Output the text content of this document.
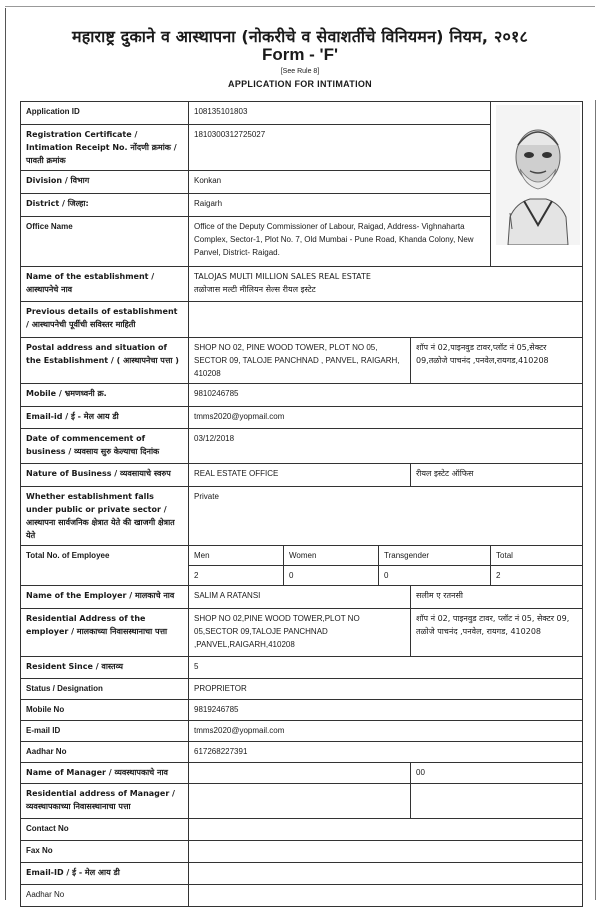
महाराष्ट्र दुकाने व आस्थापना (नोकरीचे व सेवाशर्तीचे विनियमन) नियम, २०१८
Form - 'F'
[See Rule 8]
APPLICATION FOR INTIMATION
Application ID	108135101803	

Registration Certificate / Intimation Receipt No. नोंदणी क्रमांक / पावती क्रमांक	1810300312725027				
Division / विभाग	Konkan				
District / जिल्हा:	Raigarh				
Office Name	Office of the Deputy Commissioner of Labour, Raigad, Address- Vighnaharta Complex, Sector-1, Plot No. 7, Old Mumbai - Pune Road, Khanda Colony, New Panvel, District- Raigad.				
Name of the establishment / आस्थापनेचे नाव	TALOJAS MULTI MILLION SALES REAL ESTATE
तळोजास मल्टी मीलियन सेल्स रीयल इस्टेट				

Previous details of establishment / आस्थापनेची पूर्वीची सविस्तर माहिती					
Postal address and situation of the Establishment / ( आस्थापनेचा पत्ता )	SHOP NO 02, PINE WOOD TOWER, PLOT NO 05, SECTOR 09, TALOJE PANCHNAD , PANVEL, RAIGARH, 410208			शॉप नं 02,पाइनवुड टावर,प्लॉट नं 05,सेक्टर 09,तळोजे पाचनंद ,पनवेल,रायगड,410208	
Mobile / भ्रमणध्वनी क्र.	9810246785				
Email-id / ई - मेल आय डी	tmms2020@yopmail.com				
Date of commencement of business / व्यवसाय सुरु केल्याचा दिनांक	03/12/2018				
Nature of Business / व्यवसायाचे स्वरुप	REAL ESTATE OFFICE			रीयल इस्टेट ऑफिस	
Whether establishment falls under public or private sector / आस्थापना सार्वजनिक क्षेत्रात येते की खाजगी क्षेत्रात येते	Private				
Total No. of Employee	Men	Women	Transgender		Total
	2	0	0		2
Name of the Employer / मालकाचे नाव	SALIM A RATANSI			सलीम ए रतनसी	
Residential Address of the employer / मालकाच्या निवासस्थानाचा पत्ता	SHOP NO 02,PINE WOOD TOWER,PLOT NO 05,SECTOR 09,TALOJE PANCHNAD ,PANVEL,RAIGARH,410208			शॉप नं 02, पाइनवुड टावर, प्लॉट नं 05, सेक्टर 09, तळोजे पाचनंद ,पनवेल, रायगड, 410208	
Resident Since / वास्तव्य	5				
Status / Designation	PROPRIETOR				
Mobile No	9819246785				
E-mail ID	tmms2020@yopmail.com				
Aadhar No	617268227391				
Name of Manager / व्यवस्थापकाचे नाव				00	
Residential address of Manager / व्यवस्थापकाच्या निवासस्थानाचा पत्ता					
Contact No					
Fax No					
Email-ID / ई - मेल आय डी					
Aadhar No					
